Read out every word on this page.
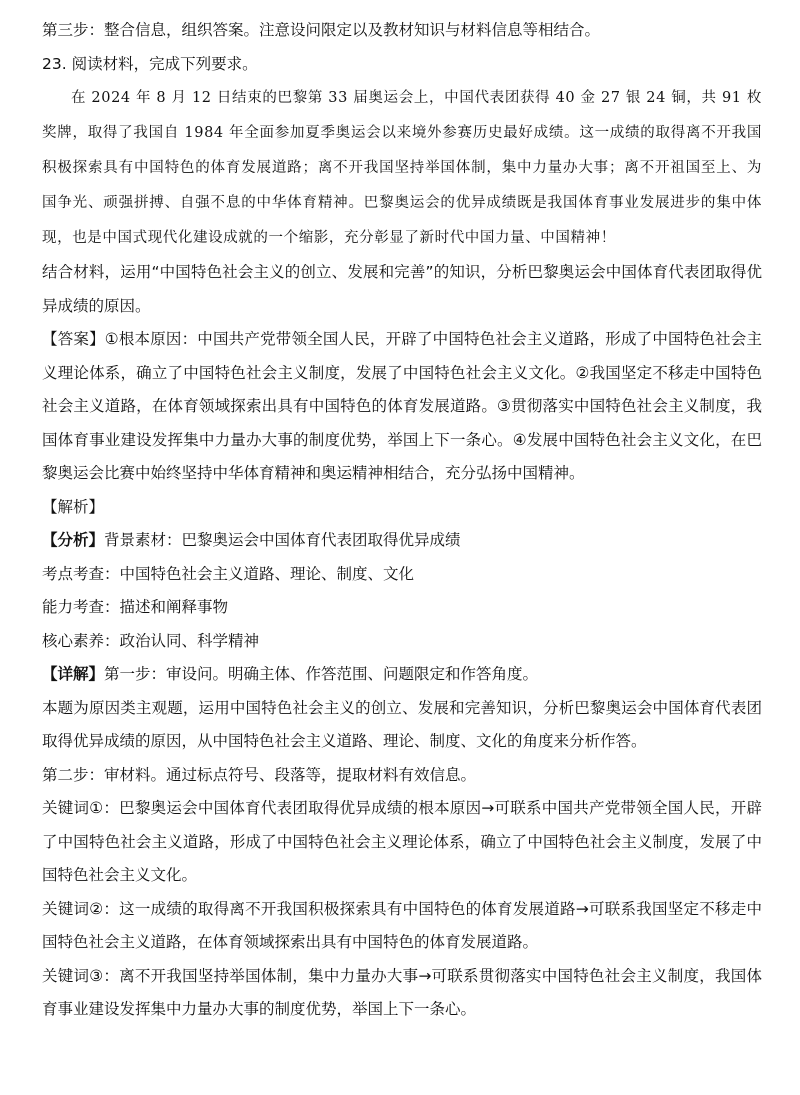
第三步：整合信息，组织答案。注意设问限定以及教材知识与材料信息等相结合。

23. 阅读材料，完成下列要求。

在 2024 年 8 月 12 日结束的巴黎第 33 届奥运会上，中国代表团获得 40 金 27 银 24 铜，共 91 枚奖牌，取得了我国自 1984 年全面参加夏季奥运会以来境外参赛历史最好成绩。这一成绩的取得离不开我国积极探索具有中国特色的体育发展道路；离不开我国坚持举国体制，集中力量办大事；离不开祖国至上、为国争光、顽强拼搏、自强不息的中华体育精神。巴黎奥运会的优异成绩既是我国体育事业发展进步的集中体现，也是中国式现代化建设成就的一个缩影，充分彰显了新时代中国力量、中国精神！

结合材料，运用“中国特色社会主义的创立、发展和完善”的知识，分析巴黎奥运会中国体育代表团取得优异成绩的原因。

【答案】①根本原因：中国共产党带领全国人民，开辟了中国特色社会主义道路，形成了中国特色社会主义理论体系，确立了中国特色社会主义制度，发展了中国特色社会主义文化。②我国坚定不移走中国特色社会主义道路，在体育领域探索出具有中国特色的体育发展道路。③贯彻落实中国特色社会主义制度，我国体育事业建设发挥集中力量办大事的制度优势，举国上下一条心。④发展中国特色社会主义文化，在巴黎奥运会比赛中始终坚持中华体育精神和奥运精神相结合，充分弘扬中国精神。

【解析】

【分析】背景素材：巴黎奥运会中国体育代表团取得优异成绩

考点考查：中国特色社会主义道路、理论、制度、文化

能力考查：描述和阐释事物

核心素养：政治认同、科学精神

【详解】第一步：审设问。明确主体、作答范围、问题限定和作答角度。

本题为原因类主观题，运用中国特色社会主义的创立、发展和完善知识，分析巴黎奥运会中国体育代表团取得优异成绩的原因，从中国特色社会主义道路、理论、制度、文化的角度来分析作答。

第二步：审材料。通过标点符号、段落等，提取材料有效信息。

关键词①：巴黎奥运会中国体育代表团取得优异成绩的根本原因→可联系中国共产党带领全国人民，开辟了中国特色社会主义道路，形成了中国特色社会主义理论体系，确立了中国特色社会主义制度，发展了中国特色社会主义文化。

关键词②：这一成绩的取得离不开我国积极探索具有中国特色的体育发展道路→可联系我国坚定不移走中国特色社会主义道路，在体育领域探索出具有中国特色的体育发展道路。

关键词③：离不开我国坚持举国体制，集中力量办大事→可联系贯彻落实中国特色社会主义制度，我国体育事业建设发挥集中力量办大事的制度优势，举国上下一条心。
